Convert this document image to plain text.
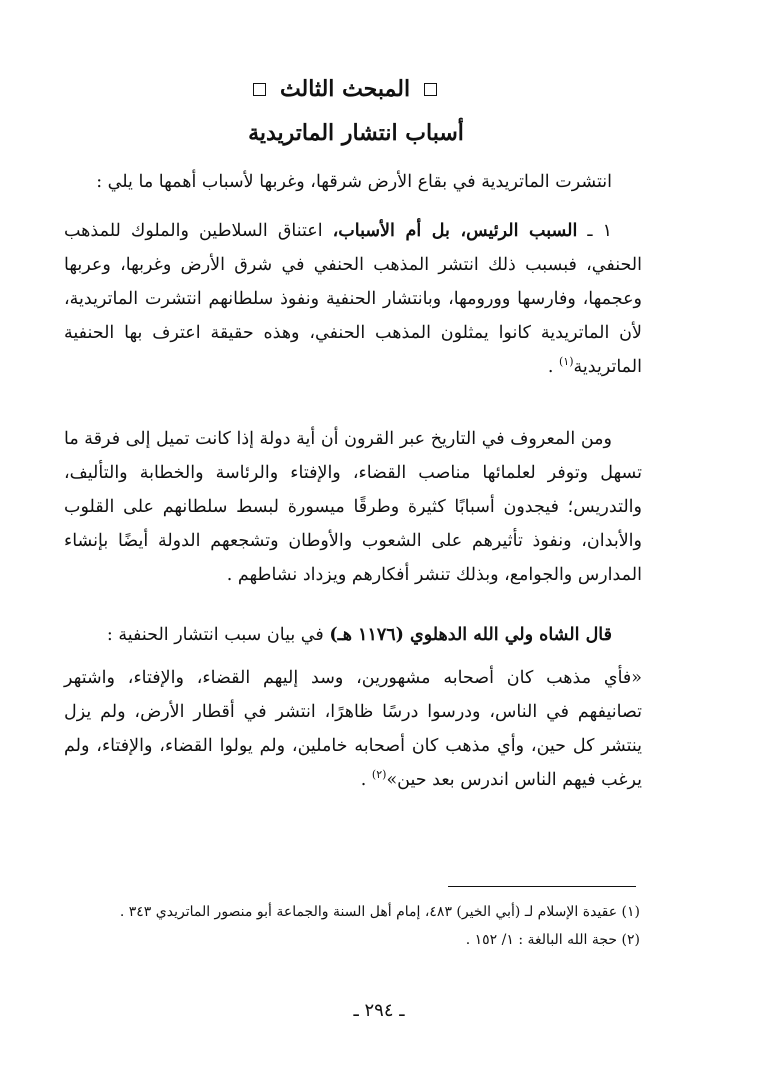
المبحث الثالث
أسباب انتشار الماتريدية
انتشرت الماتريدية في بقاع الأرض شرقها، وغربها لأسباب أهمها ما يلي :
١ ـ السبب الرئيس، بل أم الأسباب، اعتناق السلاطين والملوك للمذهب الحنفي، فبسبب ذلك انتشر المذهب الحنفي في شرق الأرض وغربها، وعربها وعجمها، وفارسها وورومها، وبانتشار الحنفية ونفوذ سلطانهم انتشرت الماتريدية، لأن الماتريدية كانوا يمثلون المذهب الحنفي، وهذه حقيقة اعترف بها الحنفية الماتريدية$^{(١)}$ .
ومن المعروف في التاريخ عبر القرون أن أية دولة إذا كانت تميل إلى فرقة ما تسهل وتوفر لعلمائها مناصب القضاء، والإفتاء والرئاسة والخطابة والتأليف، والتدريس؛ فيجدون أسبابًا كثيرة وطرقًا ميسورة لبسط سلطانهم على القلوب والأبدان، ونفوذ تأثيرهم على الشعوب والأوطان وتشجعهم الدولة أيضًا بإنشاء المدارس والجوامع، وبذلك تنشر أفكارهم ويزداد نشاطهم .
قال الشاه ولي الله الدهلوي (١١٧٦ هـ) في بيان سبب انتشار الحنفية :
«فأي مذهب كان أصحابه مشهورين، وسد إليهم القضاء، والإفتاء، واشتهر تصانيفهم في الناس، ودرسوا درسًا ظاهرًا، انتشر في أقطار الأرض، ولم يزل ينتشر كل حين، وأي مذهب كان أصحابه خاملين، ولم يولوا القضاء، والإفتاء، ولم يرغب فيهم الناس اندرس بعد حين»$^{(٢)}$ .
(١) عقيدة الإسلام لـ (أبي الخير) ٤٨٣، إمام أهل السنة والجماعة أبو منصور الماتريدي ٣٤٣ .
(٢) حجة الله البالغة : ١/ ١٥٢ .
ـ ٢٩٤ ـ
